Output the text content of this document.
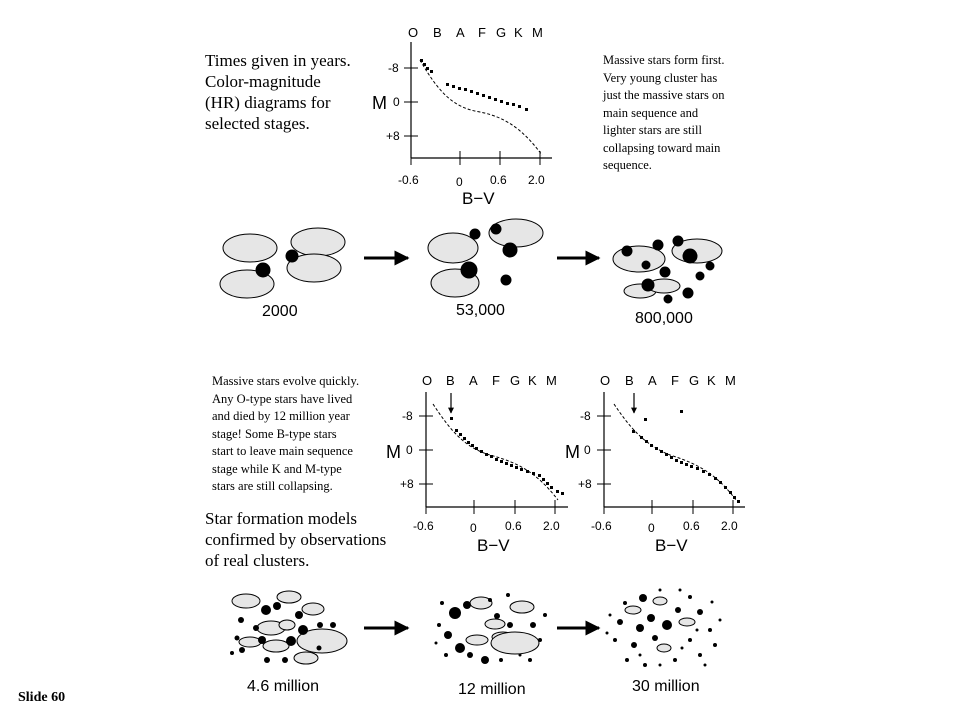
Times given in years.
Color-magnitude
(HR) diagrams for
selected stages.
Massive stars form first.
Very young cluster has
just the massive stars on
main sequence and
lighter stars are still
collapsing toward main
sequence.
Massive stars evolve quickly.
Any O-type stars have lived
and died by 12 million year
stage! Some B-type stars
start to leave main sequence
stage while K and M-type
stars are still collapsing.
Star formation models
confirmed by observations
of real clusters.
2000	53,000	800,000
4.6 million	12 million	30 million
Slide 60
O B A F G K M
M
-8
0
+8
-0.6	0 0.6 2.0
B−V
O B A F G K M
M
-8
0
+8
-0.6	0 0.6 2.0
B−V
O B A F G K M
M
-8
0
+8
-0.6	0 0.6 2.0
B−V
